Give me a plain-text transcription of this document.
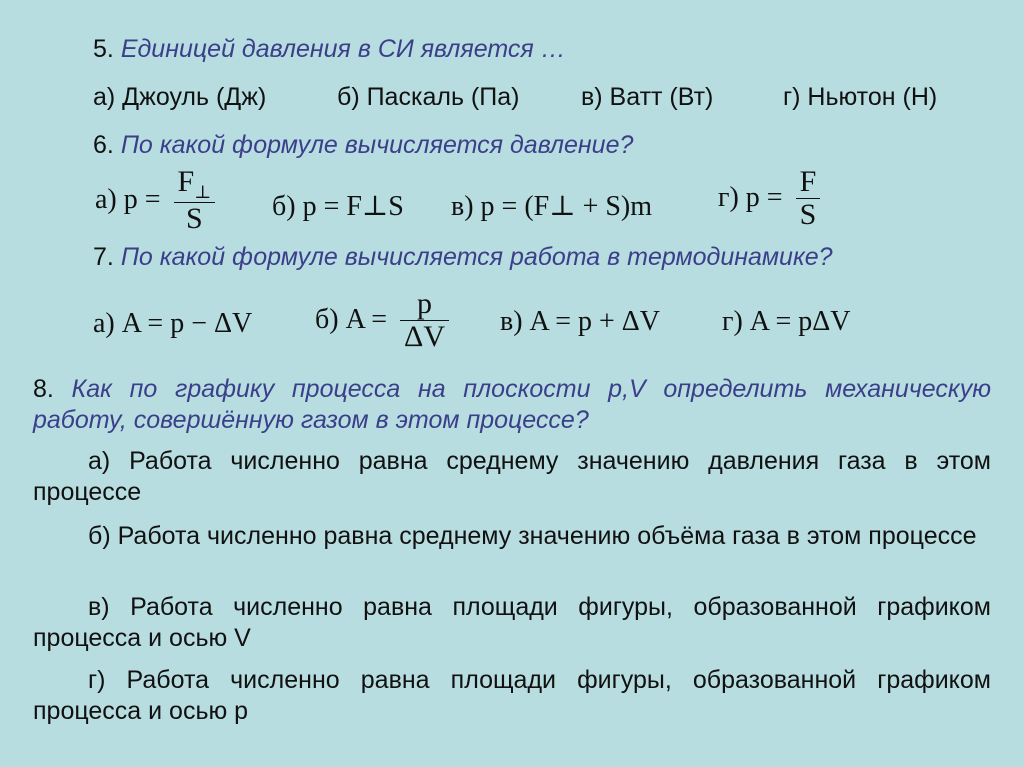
5. Единицей давления в СИ является …
а) Джоуль (Дж)	б) Паскаль (Па) в) Ватт (Вт)	г) Ньютон (Н)
6. По какой формуле вычисляется давление?
а) $p = \frac{F_\perp}{S} б$) p = F⊥S в) p = (F⊥ + S)m г) $p = \frac{F}{S}$
7. По какой формуле вычисляется работа в термодинамике?
а) A = p − ΔV б) $A = \frac{p}{\Delta V} в$) A = p + ΔV г) A = pΔV
8. Как по графику процесса на плоскости p,V определить механическую работу, совершённую газом в этом процессе?
а) Работа численно равна среднему значению давления газа в этом процессе
б) Работа численно равна среднему значению объёма газа в этом процессе
в) Работа численно равна площади фигуры, образованной графиком процесса и осью V
г) Работа численно равна площади фигуры, образованной графиком процесса и осью p
